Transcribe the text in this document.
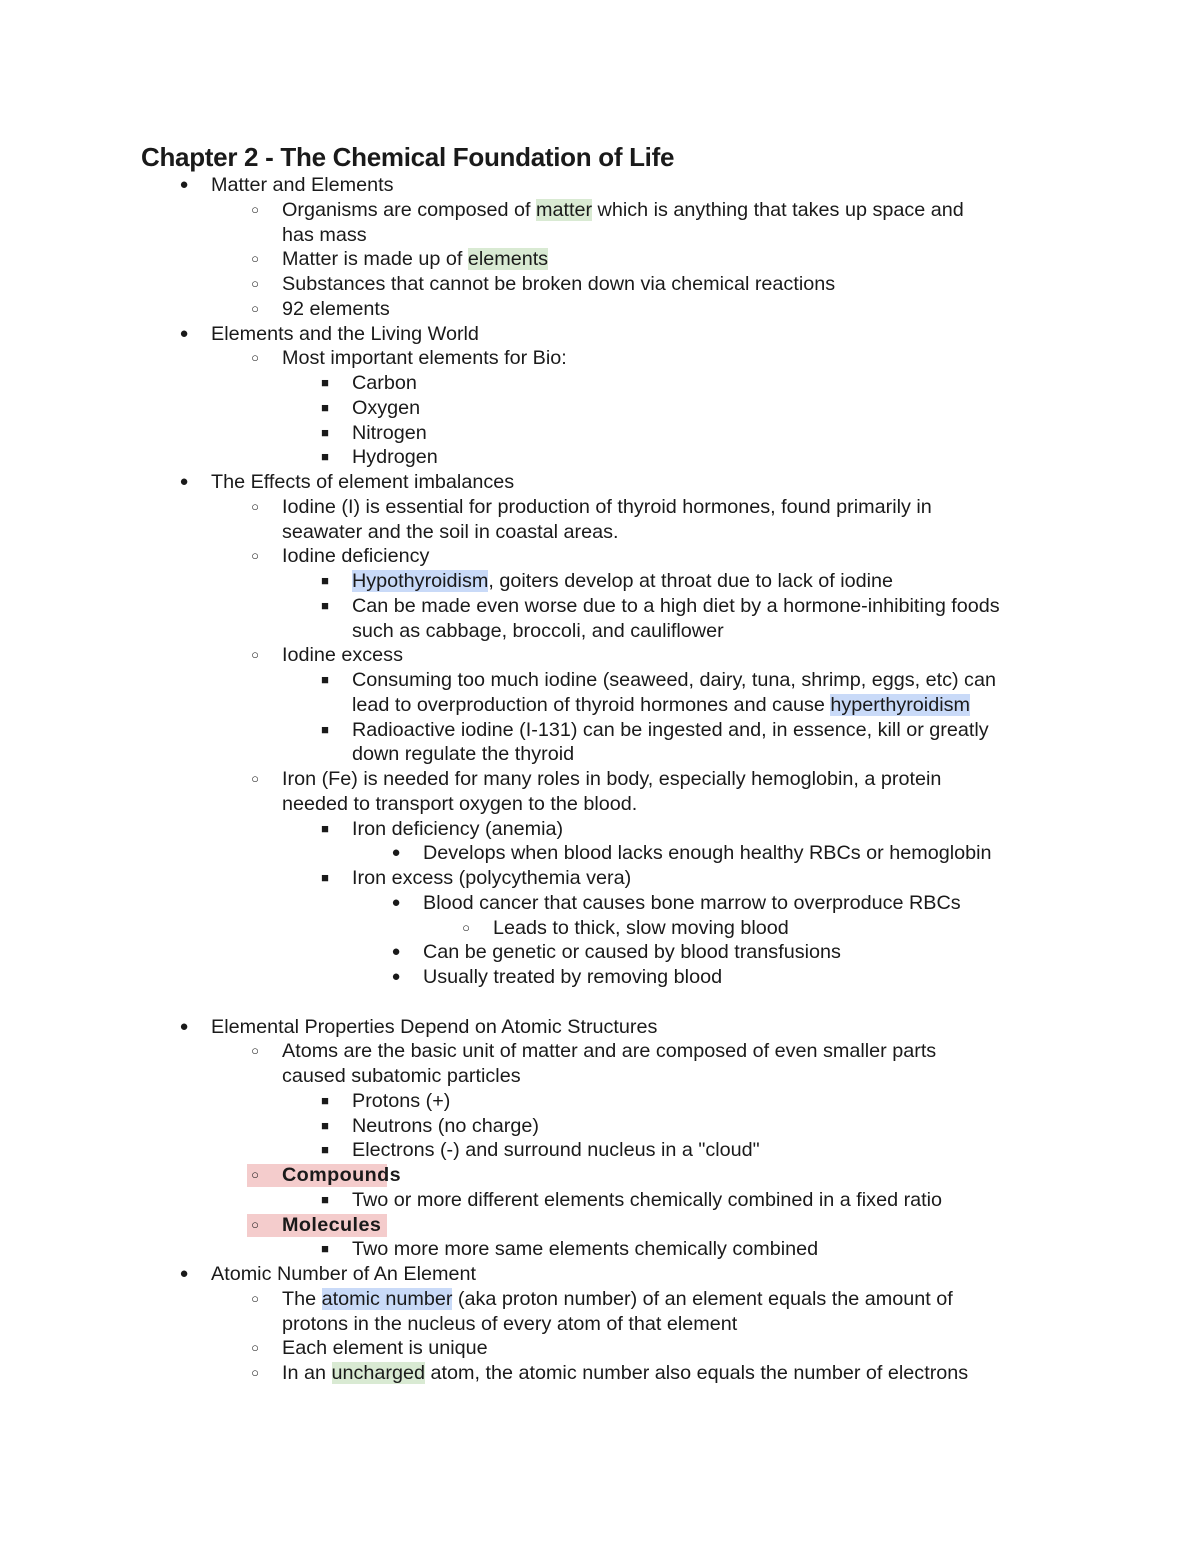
Chapter 2 - The Chemical Foundation of Life
● Matter and Elements
○	Organisms are composed of matter which is anything that takes up space and
has mass
○	Matter is made up of elements
○	Substances that cannot be broken down via chemical reactions
○	92 elements
● Elements and the Living World
○	Most important elements for Bio:
■	Carbon
■	Oxygen
■	Nitrogen
■	Hydrogen
● The Effects of element imbalances
○	Iodine (I) is essential for production of thyroid hormones, found primarily in
seawater and the soil in coastal areas.
○	Iodine deficiency
■	Hypothyroidism, goiters develop at throat due to lack of iodine
■	Can be made even worse due to a high diet by a hormone-inhibiting foods
such as cabbage, broccoli, and cauliflower
○	Iodine excess
■	Consuming too much iodine (seaweed, dairy, tuna, shrimp, eggs, etc) can
lead to overproduction of thyroid hormones and cause hyperthyroidism
■	Radioactive iodine (I-131) can be ingested and, in essence, kill or greatly
down regulate the thyroid
○	Iron (Fe) is needed for many roles in body, especially hemoglobin, a protein
needed to transport oxygen to the blood.
■	Iron deficiency (anemia)
● Develops when blood lacks enough healthy RBCs or hemoglobin
■	Iron excess (polycythemia vera)
● Blood cancer that causes bone marrow to overproduce RBCs
○	Leads to thick, slow moving blood
● Can be genetic or caused by blood transfusions
● Usually treated by removing blood
● Elemental Properties Depend on Atomic Structures
○	Atoms are the basic unit of matter and are composed of even smaller parts
caused subatomic particles
■	Protons (+)
■	Neutrons (no charge)
■	Electrons (-) and surround nucleus in a "cloud"
○	Compounds
■	Two or more different elements chemically combined in a fixed ratio
○	Molecules
■	Two more more same elements chemically combined
● Atomic Number of An Element
○	The atomic number (aka proton number) of an element equals the amount of
protons in the nucleus of every atom of that element
○	Each element is unique
○	In an uncharged atom, the atomic number also equals the number of electrons
